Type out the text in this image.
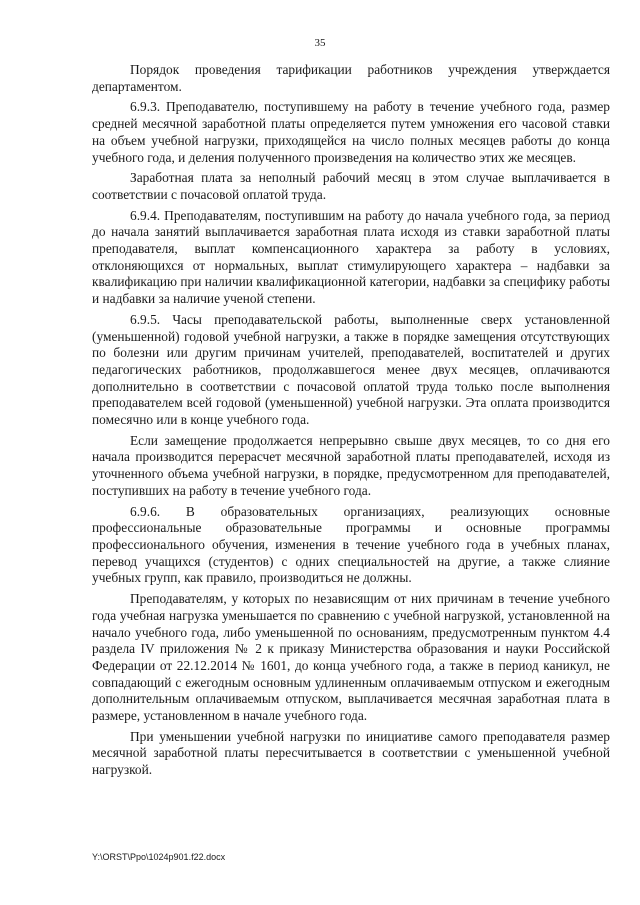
35

Порядок проведения тарификации работников учреждения утверждается департаментом.

6.9.3. Преподавателю, поступившему на работу в течение учебного года, размер средней месячной заработной платы определяется путем умножения его часовой ставки на объем учебной нагрузки, приходящейся на число полных месяцев работы до конца учебного года, и деления полученного произведения на количество этих же месяцев.

Заработная плата за неполный рабочий месяц в этом случае выплачивается в соответствии с почасовой оплатой труда.

6.9.4. Преподавателям, поступившим на работу до начала учебного года, за период до начала занятий выплачивается заработная плата исходя из ставки заработной платы преподавателя, выплат компенсационного характера за работу в условиях, отклоняющихся от нормальных, выплат стимулирующего характера – надбавки за квалификацию при наличии квалификационной категории, надбавки за специфику работы и надбавки за наличие ученой степени.

6.9.5. Часы преподавательской работы, выполненные сверх установленной (уменьшенной) годовой учебной нагрузки, а также в порядке замещения отсутствующих по болезни или другим причинам учителей, преподавателей, воспитателей и других педагогических работников, продолжавшегося менее двух месяцев, оплачиваются дополнительно в соответствии с почасовой оплатой труда только после выполнения преподавателем всей годовой (уменьшенной) учебной нагрузки. Эта оплата производится помесячно или в конце учебного года.

Если замещение продолжается непрерывно свыше двух месяцев, то со дня его начала производится перерасчет месячной заработной платы преподавателей, исходя из уточненного объема учебной нагрузки, в порядке, предусмотренном для преподавателей, поступивших на работу в течение учебного года.

6.9.6. В образовательных организациях, реализующих основные профессиональные образовательные программы и основные программы профессионального обучения, изменения в течение учебного года в учебных планах, перевод учащихся (студентов) с одних специальностей на другие, а также слияние учебных групп, как правило, производиться не должны.

Преподавателям, у которых по независящим от них причинам в течение учебного года учебная нагрузка уменьшается по сравнению с учебной нагрузкой, установленной на начало учебного года, либо уменьшенной по основаниям, предусмотренным пунктом 4.4 раздела IV приложения № 2 к приказу Министерства образования и науки Российской Федерации от 22.12.2014 № 1601, до конца учебного года, а также в период каникул, не совпадающий с ежегодным основным удлиненным оплачиваемым отпуском и ежегодным дополнительным оплачиваемым отпуском, выплачивается месячная заработная плата в размере, установленном в начале учебного года.

При уменьшении учебной нагрузки по инициативе самого преподавателя размер месячной заработной платы пересчитывается в соответствии с уменьшенной учебной нагрузкой.

Y:\ORST\Ppo\1024p901.f22.docx
